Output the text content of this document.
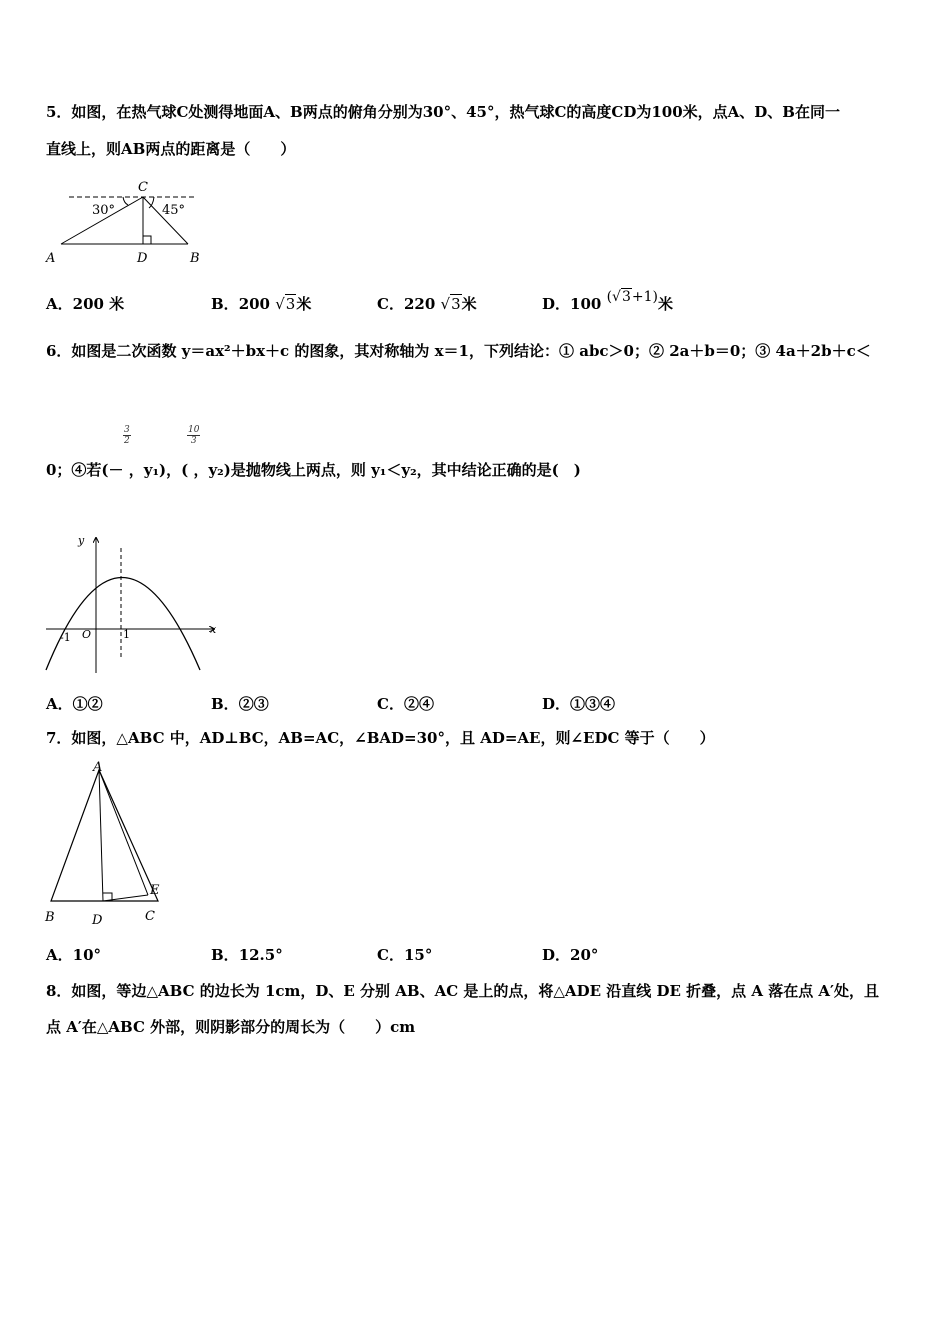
5．如图，在热气球C处测得地面A、B两点的俯角分别为30°、45°，热气球C的高度CD为100米，点A、D、B在同一
直线上，则AB两点的距离是（　　）
C
30°	45°
A	D	B
A．200 米	B．200 √3米	C．220 √3米	D．100 (√3+1)米
6．如图是二次函数 y＝ax²＋bx＋c 的图象，其对称轴为 x＝1，下列结论：① abc＞0；② 2a＋b＝0；③ 4a＋2b＋c＜
$\frac{3}{2}$	$\frac{10}{3}$
0；④若(－ ，y₁)，( ，y₂)是抛物线上两点，则 y₁＜y₂，其中结论正确的是(　)
y
x
O
-1	1
A．①②	B．②③	C．②④	D．①③④
7．如图，△ABC 中，AD⊥BC，AB=AC，∠BAD=30°，且 AD=AE，则∠EDC 等于（　　）
A
B	D	C
E
A．10°	B．12.5°	C．15°	D．20°
8．如图，等边△ABC 的边长为 1cm，D、E 分别 AB、AC 是上的点，将△ADE 沿直线 DE 折叠，点 A 落在点 A′处，且
点 A′在△ABC 外部，则阴影部分的周长为（　　）cm
